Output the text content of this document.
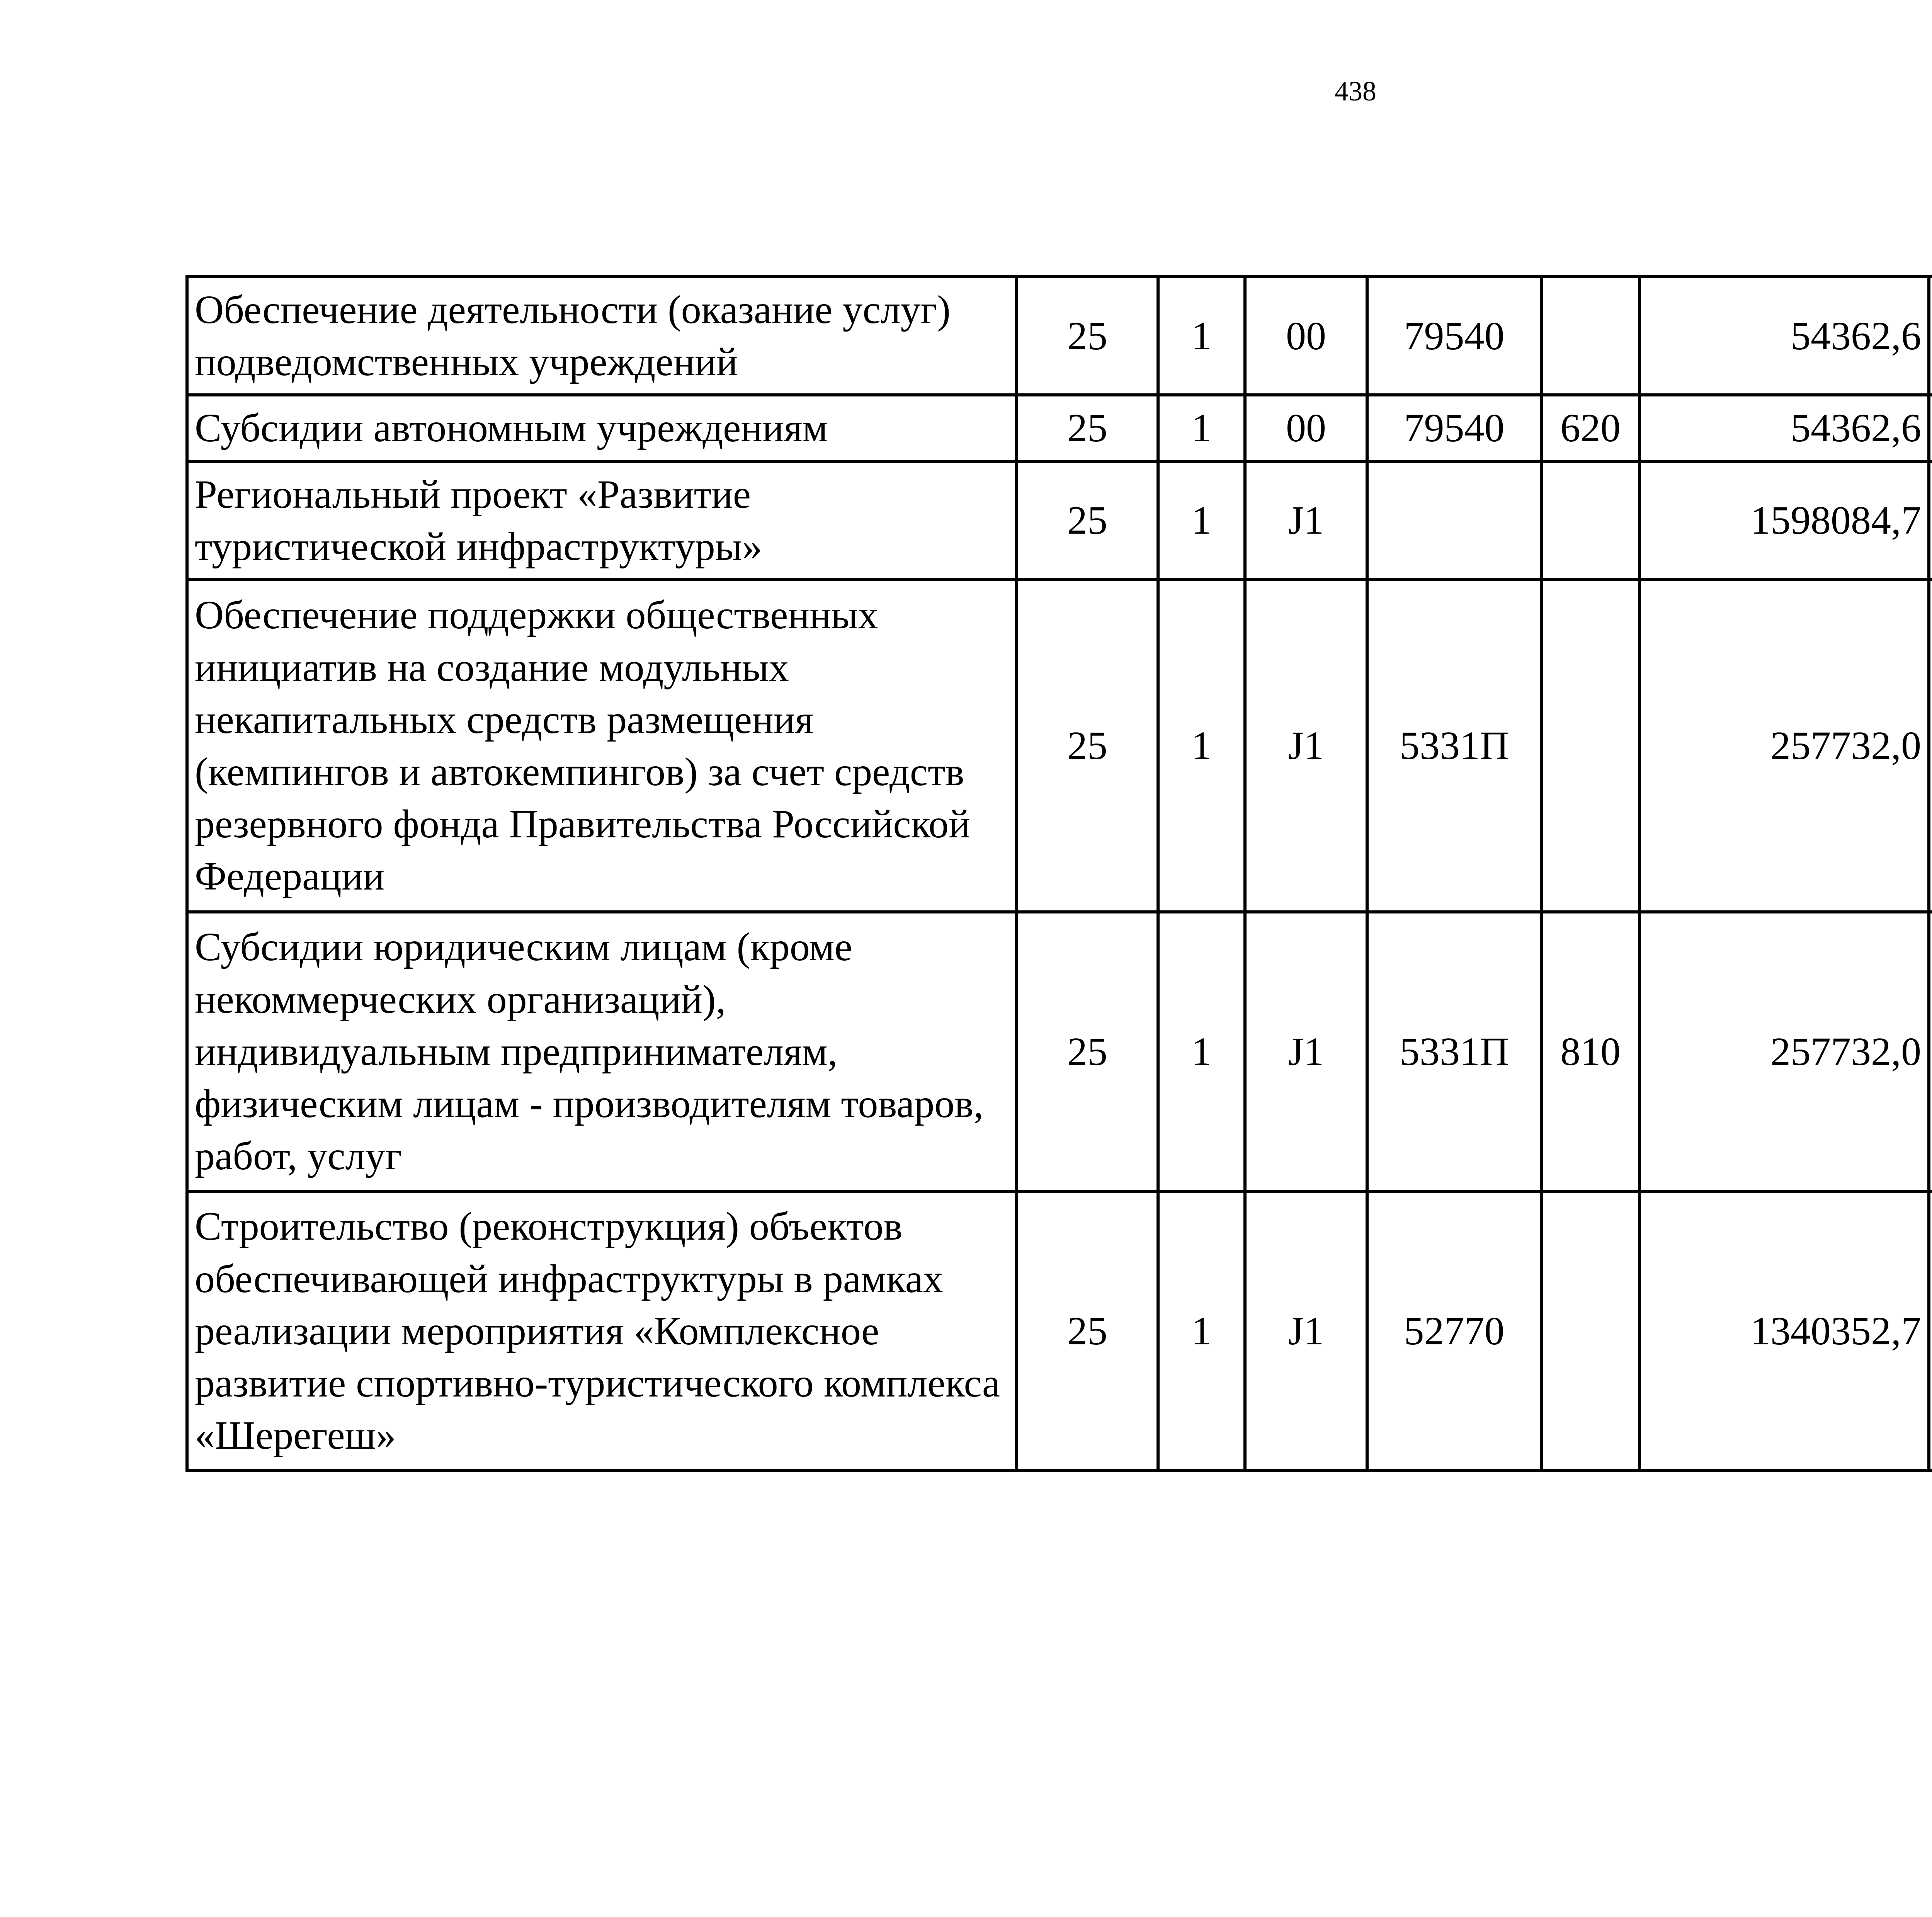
438
Обеспечение деятельности (оказание услуг) подведомственных учреждений	25	1	00	79540		54362,6		
Субсидии автономным учреждениям	25	1	00	79540	620	54362,6		
Региональный проект «Развитие туристической инфраструктуры»	25	1	J1			1598084,7		
Обеспечение поддержки общественных инициатив на создание модульных некапитальных средств размещения (кемпингов и автокемпингов) за счет средств резервного фонда Правительства Российской Федерации	25	1	J1	5331П		257732,0		
Субсидии юридическим лицам (кроме некоммерческих организаций), индивидуальным предпринимателям, физическим лицам - производителям товаров, работ, услуг	25	1	J1	5331П	810	257732,0		
Строительство (реконструкция) объектов обеспечивающей инфраструктуры в рамках реализации мероприятия «Комплексное развитие спортивно-туристического комплекса «Шерегеш»	25	1	J1	52770		1340352,7		
